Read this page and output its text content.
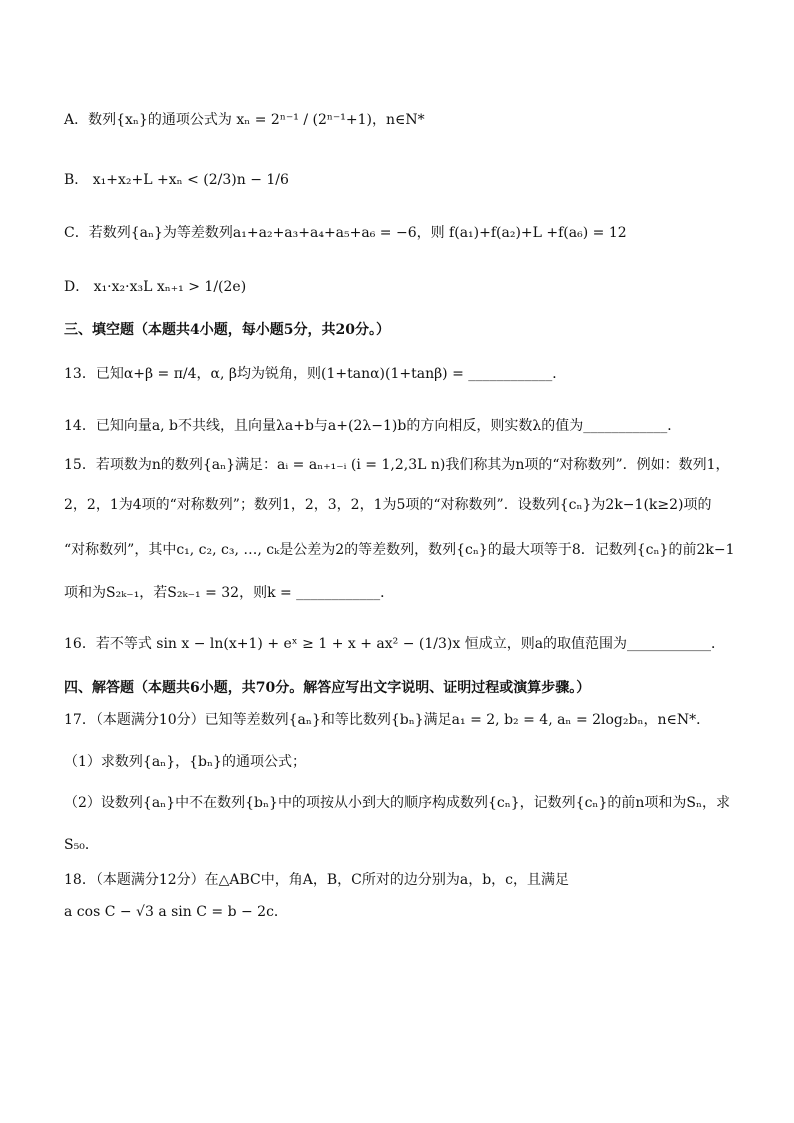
A．数列{xₙ}的通项公式为 xₙ = 2ⁿ⁻¹ / (2ⁿ⁻¹+1)，n∈N*
B． x₁+x₂+L +xₙ < (2/3)n − 1/6
C．若数列{aₙ}为等差数列a₁+a₂+a₃+a₄+a₅+a₆ = −6，则 f(a₁)+f(a₂)+L +f(a₆) = 12
D． x₁·x₂·x₃L xₙ₊₁ > 1/(2e)
三、填空题（本题共4小题，每小题5分，共20分。）
13．已知α+β = π/4，α, β均为锐角，则(1+tanα)(1+tanβ) = ____________．
14．已知向量a, b不共线，且向量λa+b与a+(2λ−1)b的方向相反，则实数λ的值为____________．
15．若项数为n的数列{aₙ}满足：aᵢ = aₙ₊₁₋ᵢ (i = 1,2,3L n)我们称其为n项的“对称数列”．例如：数列1，
2，2，1为4项的“对称数列”；数列1，2，3，2，1为5项的“对称数列”．设数列{cₙ}为2k−1(k≥2)项的
“对称数列”，其中c₁, c₂, c₃, …, cₖ是公差为2的等差数列，数列{cₙ}的最大项等于8．记数列{cₙ}的前2k−1
项和为S₂ₖ₋₁，若S₂ₖ₋₁ = 32，则k = ____________．
16．若不等式 sin x − ln(x+1) + eˣ ≥ 1 + x + ax² − (1/3)x 恒成立，则a的取值范围为____________．
四、解答题（本题共6小题，共70分。解答应写出文字说明、证明过程或演算步骤。）
17．（本题满分10分）已知等差数列{aₙ}和等比数列{bₙ}满足a₁ = 2, b₂ = 4, aₙ = 2log₂bₙ，n∈N*．
（1）求数列{aₙ}，{bₙ}的通项公式；
（2）设数列{aₙ}中不在数列{bₙ}中的项按从小到大的顺序构成数列{cₙ}，记数列{cₙ}的前n项和为Sₙ，求
S₅₀．
18．（本题满分12分）在△ABC中，角A，B，C所对的边分别为a，b，c，且满足
a cos C − √3 a sin C = b − 2c．
